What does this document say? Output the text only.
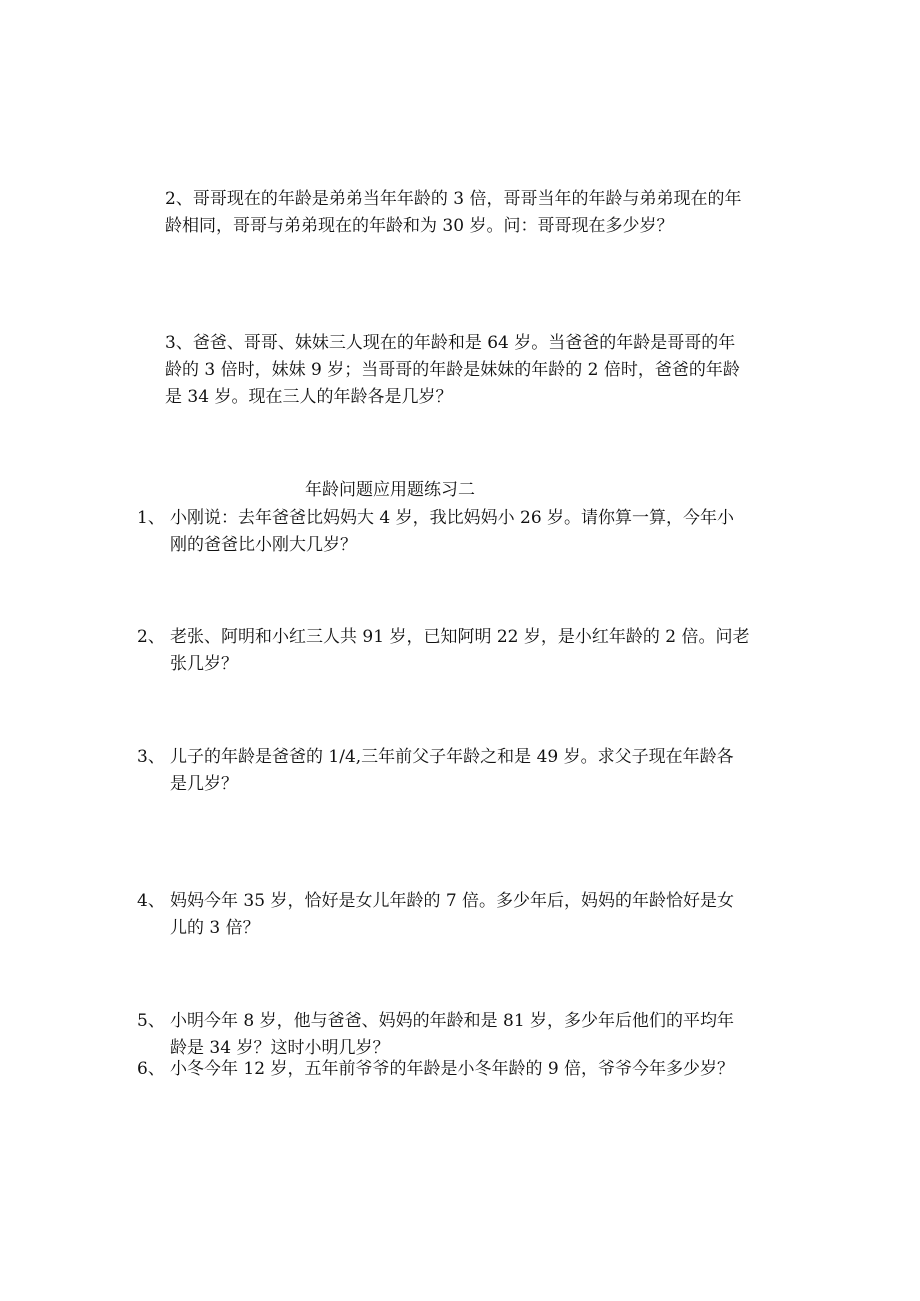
2、哥哥现在的年龄是弟弟当年年龄的 3 倍，哥哥当年的年龄与弟弟现在的年
龄相同，哥哥与弟弟现在的年龄和为 30 岁。问：哥哥现在多少岁？
3、爸爸、哥哥、妹妹三人现在的年龄和是 64 岁。当爸爸的年龄是哥哥的年
龄的 3 倍时，妹妹 9 岁；当哥哥的年龄是妹妹的年龄的 2 倍时，爸爸的年龄
是 34 岁。现在三人的年龄各是几岁？
年龄问题应用题练习二
1、 小刚说：去年爸爸比妈妈大 4 岁，我比妈妈小 26 岁。请你算一算，今年小
刚的爸爸比小刚大几岁？
2、 老张、阿明和小红三人共 91 岁，已知阿明 22 岁，是小红年龄的 2 倍。问老
张几岁？
3、 儿子的年龄是爸爸的 1/4,三年前父子年龄之和是 49 岁。求父子现在年龄各
是几岁？
4、 妈妈今年 35 岁，恰好是女儿年龄的 7 倍。多少年后，妈妈的年龄恰好是女
儿的 3 倍？
5、 小明今年 8 岁，他与爸爸、妈妈的年龄和是 81 岁，多少年后他们的平均年
龄是 34 岁？这时小明几岁？
6、 小冬今年 12 岁，五年前爷爷的年龄是小冬年龄的 9 倍，爷爷今年多少岁？
